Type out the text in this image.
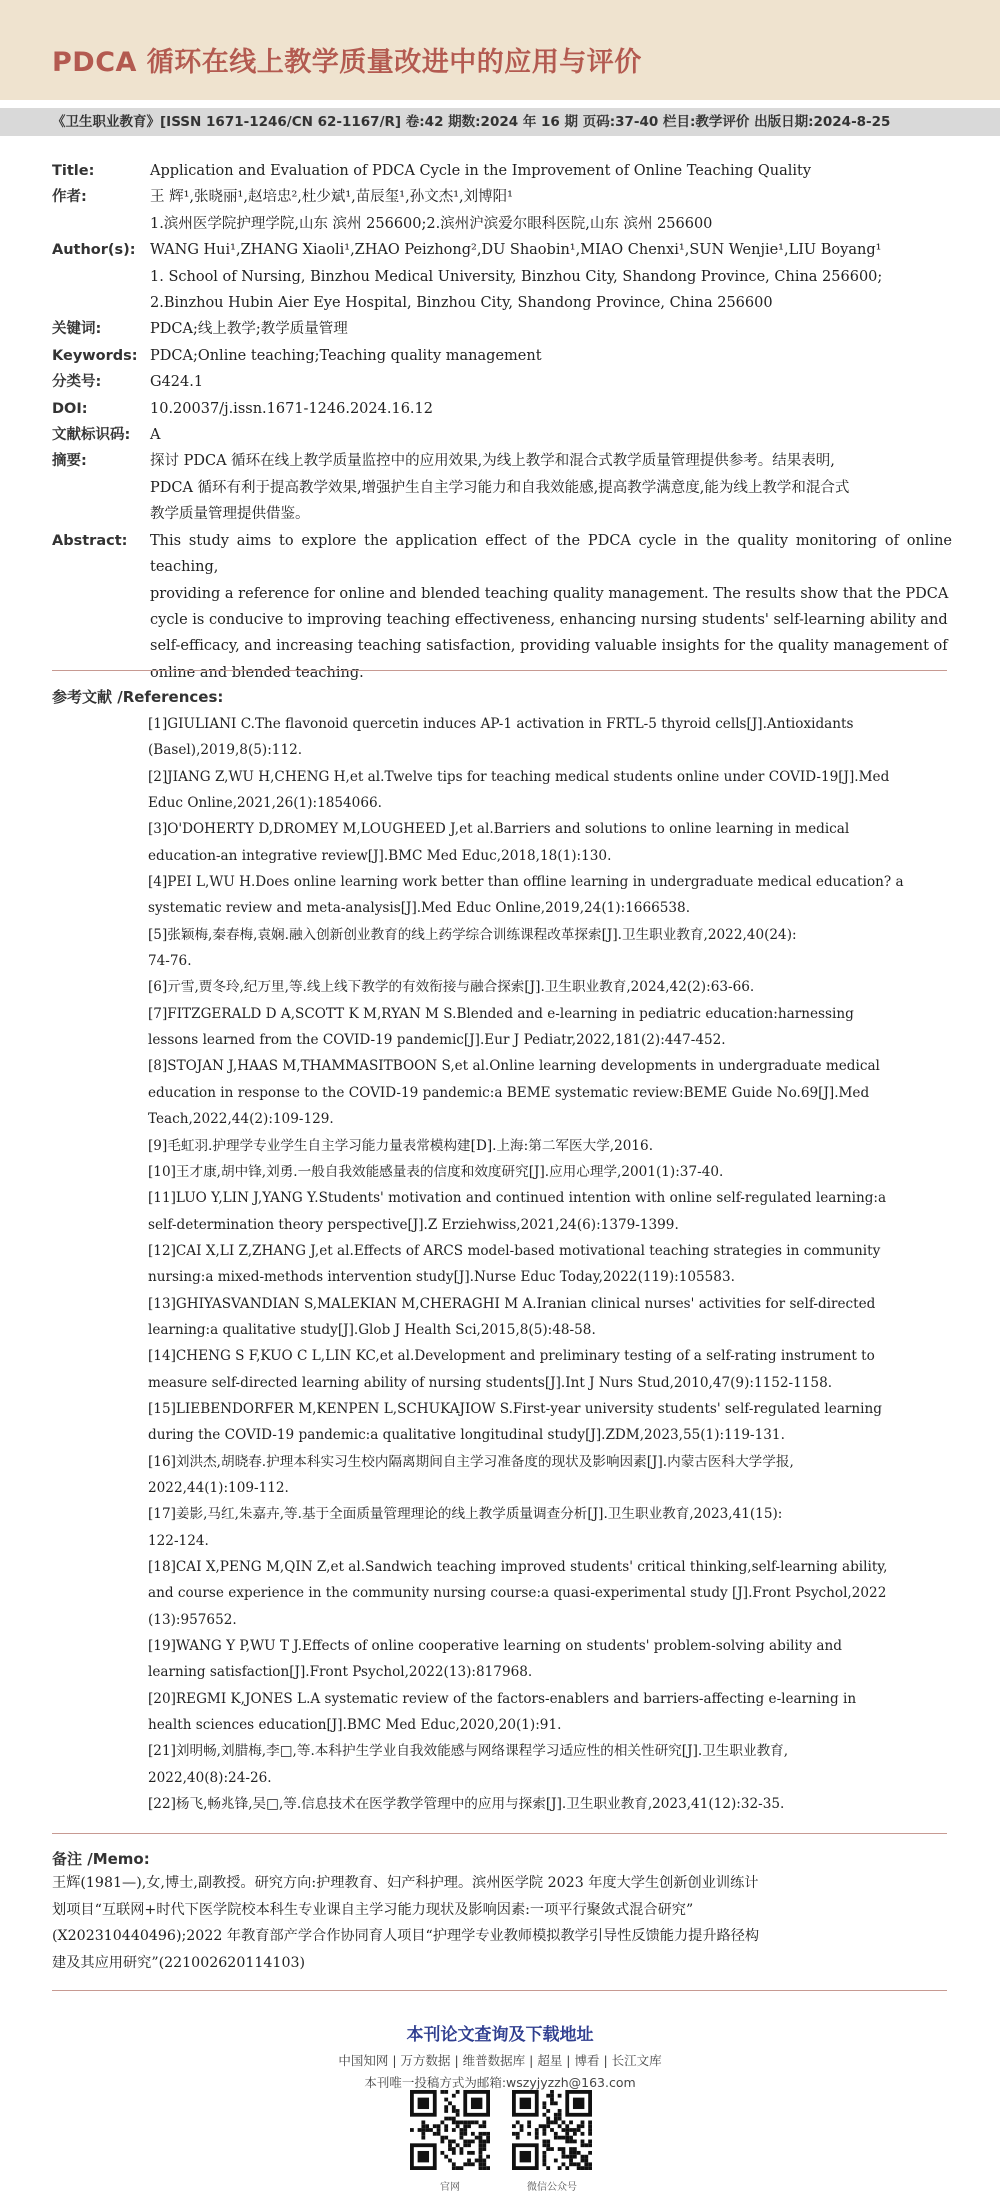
PDCA 循环在线上教学质量改进中的应用与评价
《卫生职业教育》[ISSN 1671-1246/CN 62-1167/R] 卷:42 期数:2024 年 16 期 页码:37-40 栏目:教学评价 出版日期:2024-8-25
Title:	Application and Evaluation of PDCA Cycle in the Improvement of Online Teaching Quality
作者:	王 辉¹,张晓丽¹,赵培忠²,杜少斌¹,苗辰玺¹,孙文杰¹,刘博阳¹
1.滨州医学院护理学院,山东 滨州 256600;2.滨州沪滨爱尔眼科医院,山东 滨州 256600
Author(s): WANG Hui¹,ZHANG Xiaoli¹,ZHAO Peizhong²,DU Shaobin¹,MIAO Chenxi¹,SUN Wenjie¹,LIU Boyang¹
1. School of Nursing, Binzhou Medical University, Binzhou City, Shandong Province, China 256600;
2.Binzhou Hubin Aier Eye Hospital, Binzhou City, Shandong Province, China 256600
关键词:	PDCA;线上教学;教学质量管理
Keywords: PDCA;Online teaching;Teaching quality management
分类号:	G424.1
DOI:	10.20037/j.issn.1671-1246.2024.16.12
文献标识码:	A
摘要:	探讨 PDCA 循环在线上教学质量监控中的应用效果,为线上教学和混合式教学质量管理提供参考。结果表明,
PDCA 循环有利于提高教学效果,增强护生自主学习能力和自我效能感,提高教学满意度,能为线上教学和混合式
教学质量管理提供借鉴。
Abstract:	This study aims to explore the application effect of the PDCA cycle in the quality monitoring of online teaching,
providing a reference for online and blended teaching quality management. The results show that the PDCA
cycle is conducive to improving teaching effectiveness, enhancing nursing students' self-learning ability and
self-efficacy, and increasing teaching satisfaction, providing valuable insights for the quality management of
online and blended teaching.
参考文献 /References:
[1]GIULIANI C.The flavonoid quercetin induces AP-1 activation in FRTL-5 thyroid cells[J].Antioxidants
(Basel),2019,8(5):112.
[2]JIANG Z,WU H,CHENG H,et al.Twelve tips for teaching medical students online under COVID-19[J].Med
Educ Online,2021,26(1):1854066.
[3]O'DOHERTY D,DROMEY M,LOUGHEED J,et al.Barriers and solutions to online learning in medical
education-an integrative review[J].BMC Med Educ,2018,18(1):130.
[4]PEI L,WU H.Does online learning work better than offline learning in undergraduate medical education? a
systematic review and meta-analysis[J].Med Educ Online,2019,24(1):1666538.
[5]张颖梅,秦春梅,袁娴.融入创新创业教育的线上药学综合训练课程改革探索[J].卫生职业教育,2022,40(24):
74-76.
[6]亓雪,贾冬玲,纪万里,等.线上线下教学的有效衔接与融合探索[J].卫生职业教育,2024,42(2):63-66.
[7]FITZGERALD D A,SCOTT K M,RYAN M S.Blended and e-learning in pediatric education:harnessing
lessons learned from the COVID-19 pandemic[J].Eur J Pediatr,2022,181(2):447-452.
[8]STOJAN J,HAAS M,THAMMASITBOON S,et al.Online learning developments in undergraduate medical
education in response to the COVID-19 pandemic:a BEME systematic review:BEME Guide No.69[J].Med
Teach,2022,44(2):109-129.
[9]毛虹羽.护理学专业学生自主学习能力量表常模构建[D].上海:第二军医大学,2016.
[10]王才康,胡中锋,刘勇.一般自我效能感量表的信度和效度研究[J].应用心理学,2001(1):37-40.
[11]LUO Y,LIN J,YANG Y.Students' motivation and continued intention with online self-regulated learning:a
self-determination theory perspective[J].Z Erziehwiss,2021,24(6):1379-1399.
[12]CAI X,LI Z,ZHANG J,et al.Effects of ARCS model-based motivational teaching strategies in community
nursing:a mixed-methods intervention study[J].Nurse Educ Today,2022(119):105583.
[13]GHIYASVANDIAN S,MALEKIAN M,CHERAGHI M A.Iranian clinical nurses' activities for self-directed
learning:a qualitative study[J].Glob J Health Sci,2015,8(5):48-58.
[14]CHENG S F,KUO C L,LIN KC,et al.Development and preliminary testing of a self-rating instrument to
measure self-directed learning ability of nursing students[J].Int J Nurs Stud,2010,47(9):1152-1158.
[15]LIEBENDORFER M,KENPEN L,SCHUKAJIOW S.First-year university students' self-regulated learning
during the COVID-19 pandemic:a qualitative longitudinal study[J].ZDM,2023,55(1):119-131.
[16]刘洪杰,胡晓春.护理本科实习生校内隔离期间自主学习准备度的现状及影响因素[J].内蒙古医科大学学报,
2022,44(1):109-112.
[17]姜影,马红,朱嘉卉,等.基于全面质量管理理论的线上教学质量调查分析[J].卫生职业教育,2023,41(15):
122-124.
[18]CAI X,PENG M,QIN Z,et al.Sandwich teaching improved students' critical thinking,self-learning ability,
and course experience in the community nursing course:a quasi-experimental study [J].Front Psychol,2022
(13):957652.
[19]WANG Y P,WU T J.Effects of online cooperative learning on students' problem-solving ability and
learning satisfaction[J].Front Psychol,2022(13):817968.
[20]REGMI K,JONES L.A systematic review of the factors-enablers and barriers-affecting e-learning in
health sciences education[J].BMC Med Educ,2020,20(1):91.
[21]刘明畅,刘腊梅,李□,等.本科护生学业自我效能感与网络课程学习适应性的相关性研究[J].卫生职业教育,
2022,40(8):24-26.
[22]杨飞,畅兆锋,吴□,等.信息技术在医学教学管理中的应用与探索[J].卫生职业教育,2023,41(12):32-35.
备注 /Memo:
王辉(1981—),女,博士,副教授。研究方向:护理教育、妇产科护理。滨州医学院 2023 年度大学生创新创业训练计
划项目“互联网+时代下医学院校本科生专业课自主学习能力现状及影响因素:一项平行聚敛式混合研究”
(X202310440496);2022 年教育部产学合作协同育人项目“护理学专业教师模拟教学引导性反馈能力提升路径构
建及其应用研究”(221002620114103)
本刊论文查询及下载地址
中国知网 | 万方数据 | 维普数据库 | 超星 | 博看 | 长江文库
本刊唯一投稿方式为邮箱:wszyjyzzh@163.com
官网	微信公众号
